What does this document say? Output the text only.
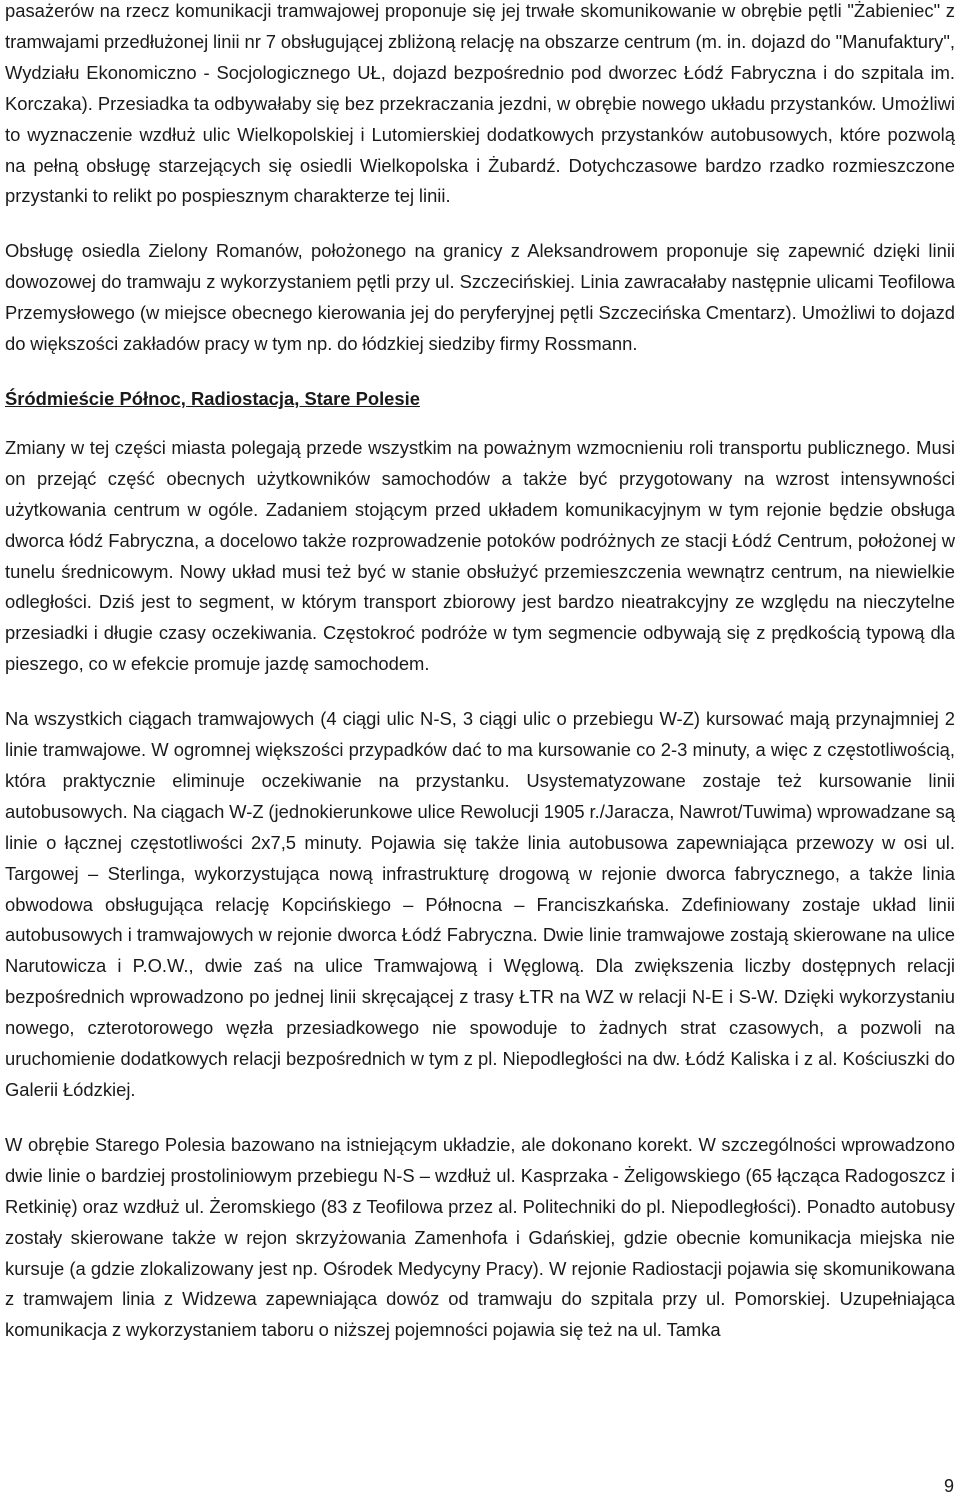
pasażerów na rzecz komunikacji tramwajowej proponuje się jej trwałe skomunikowanie w obrębie pętli "Żabieniec" z tramwajami przedłużonej linii nr 7 obsługującej zbliżoną relację na obszarze centrum (m. in. dojazd do "Manufaktury", Wydziału Ekonomiczno - Socjologicznego UŁ, dojazd bezpośrednio pod dworzec Łódź Fabryczna i do szpitala im. Korczaka). Przesiadka ta odbywałaby się bez przekraczania jezdni, w obrębie nowego układu przystanków. Umożliwi to wyznaczenie wzdłuż ulic Wielkopolskiej i Lutomierskiej dodatkowych przystanków autobusowych, które pozwolą na pełną obsługę starzejących się osiedli Wielkopolska i Żubardź. Dotychczasowe bardzo rzadko rozmieszczone przystanki to relikt po pospiesznym charakterze tej linii.

Obsługę osiedla Zielony Romanów, położonego na granicy z Aleksandrowem proponuje się zapewnić dzięki linii dowozowej do tramwaju z wykorzystaniem pętli przy ul. Szczecińskiej. Linia zawracałaby następnie ulicami Teofilowa Przemysłowego (w miejsce obecnego kierowania jej do peryferyjnej pętli Szczecińska Cmentarz). Umożliwi to dojazd do większości zakładów pracy w tym np. do łódzkiej siedziby firmy Rossmann.

Śródmieście Północ, Radiostacja, Stare Polesie

Zmiany w tej części miasta polegają przede wszystkim na poważnym wzmocnieniu roli transportu publicznego. Musi on przejąć część obecnych użytkowników samochodów a także być przygotowany na wzrost intensywności użytkowania centrum w ogóle. Zadaniem stojącym przed układem komunikacyjnym w tym rejonie będzie obsługa dworca łódź Fabryczna, a docelowo także rozprowadzenie potoków podróżnych ze stacji Łódź Centrum, położonej w tunelu średnicowym. Nowy układ musi też być w stanie obsłużyć przemieszczenia wewnątrz centrum, na niewielkie odległości. Dziś jest to segment, w którym transport zbiorowy jest bardzo nieatrakcyjny ze względu na nieczytelne przesiadki i długie czasy oczekiwania. Częstokroć podróże w tym segmencie odbywają się z prędkością typową dla pieszego, co w efekcie promuje jazdę samochodem.

Na wszystkich ciągach tramwajowych (4 ciągi ulic N-S, 3 ciągi ulic o przebiegu W-Z) kursować mają przynajmniej 2 linie tramwajowe. W ogromnej większości przypadków dać to ma kursowanie co 2-3 minuty, a więc z częstotliwością, która praktycznie eliminuje oczekiwanie na przystanku. Usystematyzowane zostaje też kursowanie linii autobusowych. Na ciągach W-Z (jednokierunkowe ulice Rewolucji 1905 r./Jaracza, Nawrot/Tuwima) wprowadzane są linie o łącznej częstotliwości 2x7,5 minuty. Pojawia się także linia autobusowa zapewniająca przewozy w osi ul. Targowej – Sterlinga, wykorzystująca nową infrastrukturę drogową w rejonie dworca fabrycznego, a także linia obwodowa obsługująca relację Kopcińskiego – Północna – Franciszkańska. Zdefiniowany zostaje układ linii autobusowych i tramwajowych w rejonie dworca Łódź Fabryczna. Dwie linie tramwajowe zostają skierowane na ulice Narutowicza i P.O.W., dwie zaś na ulice Tramwajową i Węglową. Dla zwiększenia liczby dostępnych relacji bezpośrednich wprowadzono po jednej linii skręcającej z trasy ŁTR na WZ w relacji N-E i S-W. Dzięki wykorzystaniu nowego, czterotorowego węzła przesiadkowego nie spowoduje to żadnych strat czasowych, a pozwoli na uruchomienie dodatkowych relacji bezpośrednich w tym z pl. Niepodległości na dw. Łódź Kaliska i z al. Kościuszki do Galerii Łódzkiej.

W obrębie Starego Polesia bazowano na istniejącym układzie, ale dokonano korekt. W szczególności wprowadzono dwie linie o bardziej prostoliniowym przebiegu N-S – wzdłuż ul. Kasprzaka - Żeligowskiego (65 łącząca Radogoszcz i Retkinię) oraz wzdłuż ul. Żeromskiego (83 z Teofilowa przez al. Politechniki do pl. Niepodległości). Ponadto autobusy zostały skierowane także w rejon skrzyżowania Zamenhofa i Gdańskiej, gdzie obecnie komunikacja miejska nie kursuje (a gdzie zlokalizowany jest np. Ośrodek Medycyny Pracy). W rejonie Radiostacji pojawia się skomunikowana z tramwajem linia z Widzewa zapewniająca dowóz od tramwaju do szpitala przy ul. Pomorskiej. Uzupełniająca komunikacja z wykorzystaniem taboru o niższej pojemności pojawia się też na ul. Tamka

9
